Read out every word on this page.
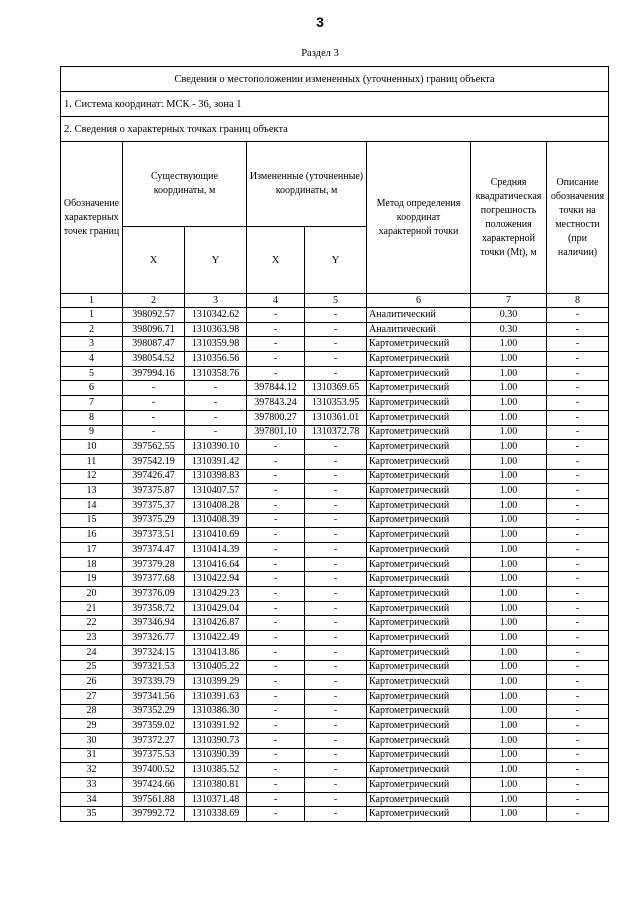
3
Раздел 3
Сведения о местоположении измененных (уточненных) границ объекта							
1. Система координат: МСК - 36, зона 1							
2. Сведения о характерных точках границ объекта							
Обозначение характерных точек границ	Существующие координаты, м		Измененные (уточненные) координаты, м		Метод определения координат характерной точки	Средняя квадратическая погрешность положения характерной точки (Mt), м	Описание обозначения точки на местности (при наличии)
	X	Y	X	Y			
1	2	3	4	5	6	7	8
1	398092.57	1310342.62	-	-	Аналитический	0.30	-
2	398096.71	1310363.98	-	-	Аналитический	0.30	-
3	398087.47	1310359.98	-	-	Картометрический	1.00	-
4	398054.52	1310356.56	-	-	Картометрический	1.00	-
5	397994.16	1310358.76	-	-	Картометрический	1.00	-
6	-	-	397844.12	1310369.65	Картометрический	1.00	-
7	-	-	397843.24	1310353.95	Картометрический	1.00	-
8	-	-	397800.27	1310361.01	Картометрический	1.00	-
9	-	-	397801.10	1310372.78	Картометрический	1.00	-
10	397562.55	1310390.10	-	-	Картометрический	1.00	-
11	397542.19	1310391.42	-	-	Картометрический	1.00	-
12	397426.47	1310398.83	-	-	Картометрический	1.00	-
13	397375.87	1310407.57	-	-	Картометрический	1.00	-
14	397375.37	1310408.28	-	-	Картометрический	1.00	-
15	397375.29	1310408.39	-	-	Картометрический	1.00	-
16	397373.51	1310410.69	-	-	Картометрический	1.00	-
17	397374.47	1310414.39	-	-	Картометрический	1.00	-
18	397379.28	1310416.64	-	-	Картометрический	1.00	-
19	397377.68	1310422.94	-	-	Картометрический	1.00	-
20	397376.09	1310429.23	-	-	Картометрический	1.00	-
21	397358.72	1310429.04	-	-	Картометрический	1.00	-
22	397346.94	1310426.87	-	-	Картометрический	1.00	-
23	397326.77	1310422.49	-	-	Картометрический	1.00	-
24	397324.15	1310413.86	-	-	Картометрический	1.00	-
25	397321.53	1310405.22	-	-	Картометрический	1.00	-
26	397339.79	1310399.29	-	-	Картометрический	1.00	-
27	397341.56	1310391.63	-	-	Картометрический	1.00	-
28	397352.29	1310386.30	-	-	Картометрический	1.00	-
29	397359.02	1310391.92	-	-	Картометрический	1.00	-
30	397372.27	1310390.73	-	-	Картометрический	1.00	-
31	397375.53	1310390.39	-	-	Картометрический	1.00	-
32	397400.52	1310385.52	-	-	Картометрический	1.00	-
33	397424.66	1310380.81	-	-	Картометрический	1.00	-
34	397561.88	1310371.48	-	-	Картометрический	1.00	-
35	397992.72	1310338.69	-	-	Картометрический	1.00	-
